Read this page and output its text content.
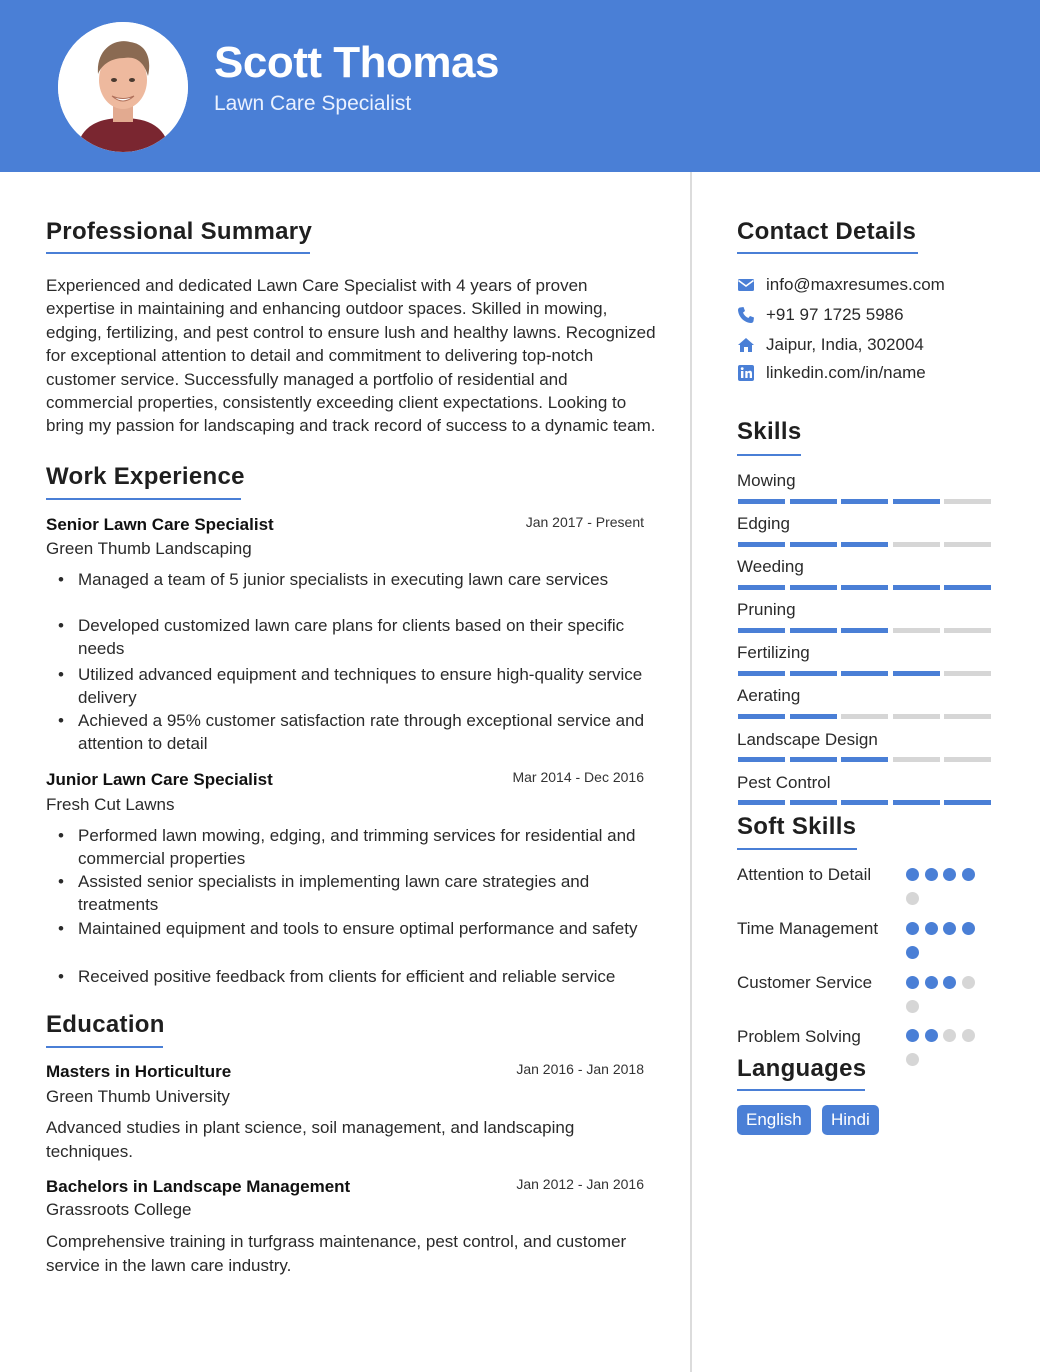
Scott Thomas
Lawn Care Specialist
Professional Summary
Experienced and dedicated Lawn Care Specialist with 4 years of proven expertise in maintaining and enhancing outdoor spaces. Skilled in mowing, edging, fertilizing, and pest control to ensure lush and healthy lawns. Recognized for exceptional attention to detail and commitment to delivering top-notch customer service. Successfully managed a portfolio of residential and commercial properties, consistently exceeding client expectations. Looking to bring my passion for landscaping and track record of success to a dynamic team.
Work Experience
Senior Lawn Care Specialist	Jan 2017 - Present
Green Thumb Landscaping
• Managed a team of 5 junior specialists in executing lawn care services
• Developed customized lawn care plans for clients based on their specific needs
• Utilized advanced equipment and techniques to ensure high-quality service delivery
• Achieved a 95% customer satisfaction rate through exceptional service and attention to detail
Junior Lawn Care Specialist	Mar 2014 - Dec 2016
Fresh Cut Lawns
• Performed lawn mowing, edging, and trimming services for residential and commercial properties
• Assisted senior specialists in implementing lawn care strategies and treatments
• Maintained equipment and tools to ensure optimal performance and safety
• Received positive feedback from clients for efficient and reliable service
Education
Masters in Horticulture	Jan 2016 - Jan 2018
Green Thumb University
Advanced studies in plant science, soil management, and landscaping techniques.
Bachelors in Landscape Management	Jan 2012 - Jan 2016
Grassroots College
Comprehensive training in turfgrass maintenance, pest control, and customer service in the lawn care industry.
Contact Details
info@maxresumes.com
+91 97 1725 5986
Jaipur, India, 302004
linkedin.com/in/name
Skills
Mowing
Edging
Weeding
Pruning
Fertilizing
Aerating
Landscape Design
Pest Control
Soft Skills
Attention to Detail
Time Management
Customer Service
Problem Solving
Languages
English	Hindi
